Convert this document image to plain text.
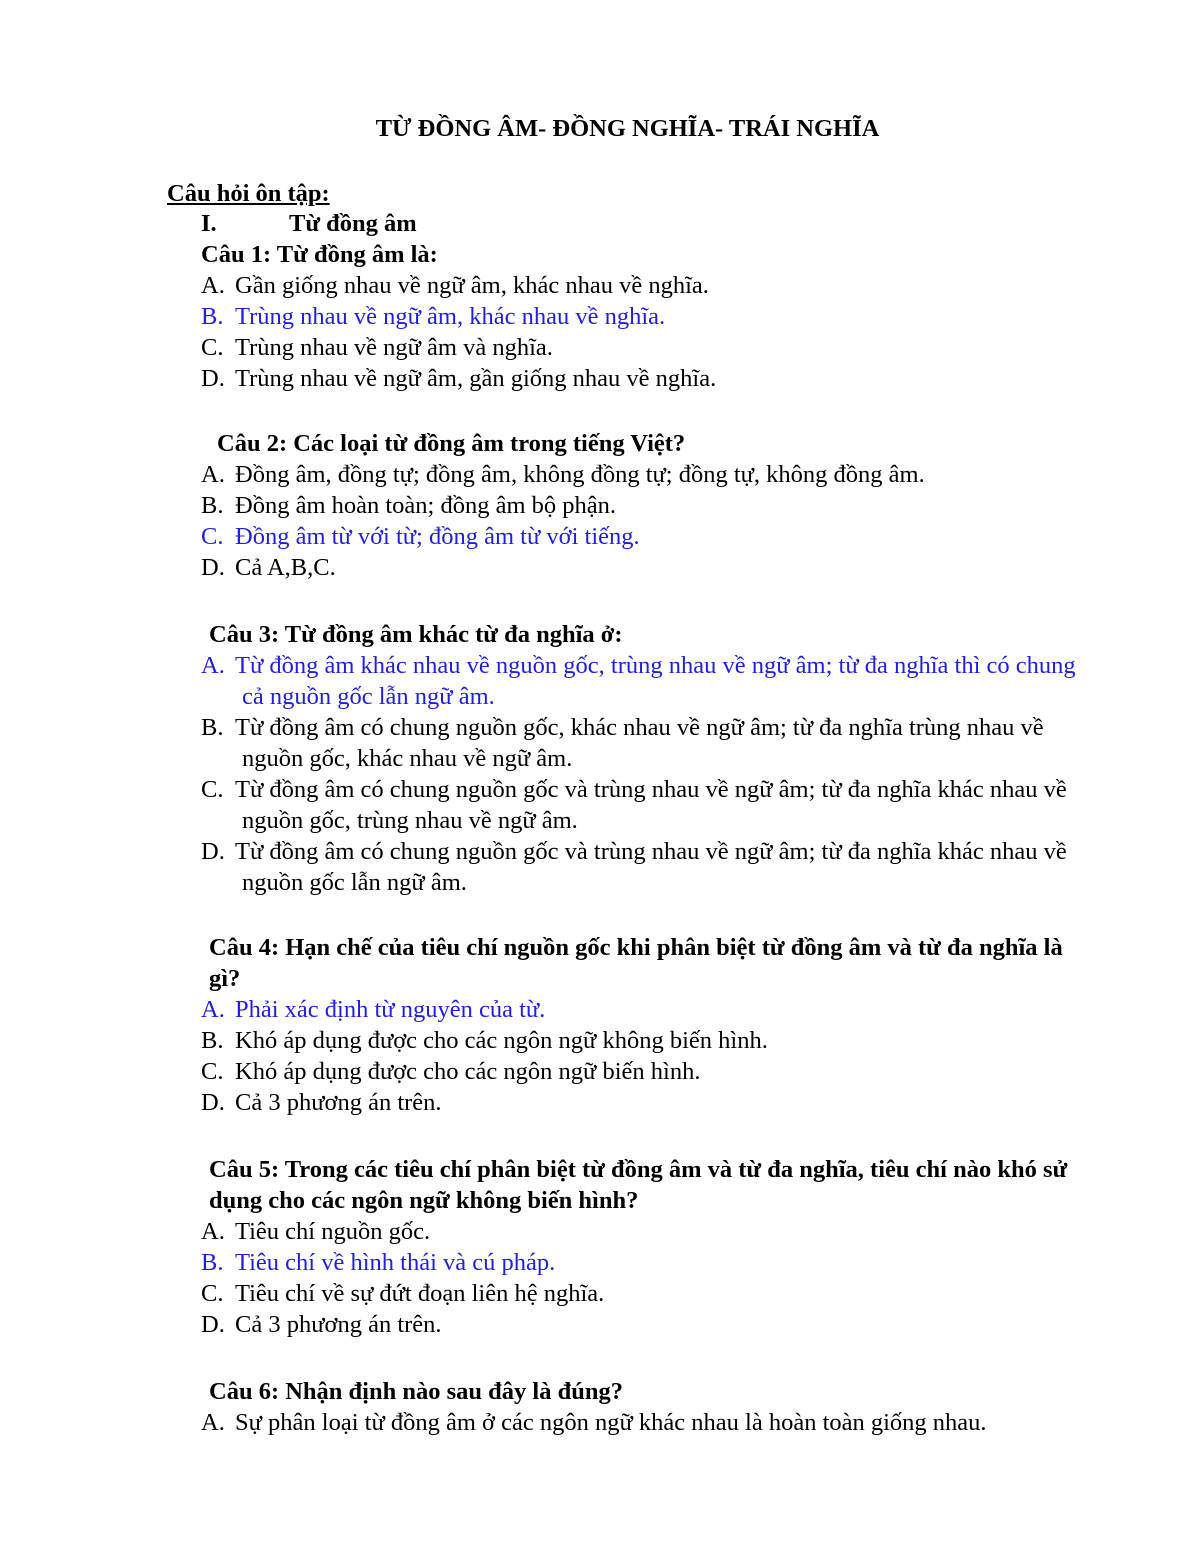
TỪ ĐỒNG ÂM- ĐỒNG NGHĨA- TRÁI NGHĨA
Câu hỏi ôn tập:
I.	Từ đồng âm
Câu 1: Từ đồng âm là:
A. Gần giống nhau về ngữ âm, khác nhau về nghĩa.
B. Trùng nhau về ngữ âm, khác nhau về nghĩa.
C. Trùng nhau về ngữ âm và nghĩa.
D. Trùng nhau về ngữ âm, gần giống nhau về nghĩa.
Câu 2: Các loại từ đồng âm trong tiếng Việt?
A. Đồng âm, đồng tự; đồng âm, không đồng tự; đồng tự, không đồng âm.
B. Đồng âm hoàn toàn; đồng âm bộ phận.
C. Đồng âm từ với từ; đồng âm từ với tiếng.
D. Cả A,B,C.
Câu 3: Từ đồng âm khác từ đa nghĩa ở:
A. Từ đồng âm khác nhau về nguồn gốc, trùng nhau về ngữ âm; từ đa nghĩa thì có chung cả nguồn gốc lẫn ngữ âm.
B. Từ đồng âm có chung nguồn gốc, khác nhau về ngữ âm; từ đa nghĩa trùng nhau về nguồn gốc, khác nhau về ngữ âm.
C. Từ đồng âm có chung nguồn gốc và trùng nhau về ngữ âm; từ đa nghĩa khác nhau về nguồn gốc, trùng nhau về ngữ âm.
D. Từ đồng âm có chung nguồn gốc và trùng nhau về ngữ âm; từ đa nghĩa khác nhau về nguồn gốc lẫn ngữ âm.
Câu 4: Hạn chế của tiêu chí nguồn gốc khi phân biệt từ đồng âm và từ đa nghĩa là gì?
A. Phải xác định từ nguyên của từ.
B. Khó áp dụng được cho các ngôn ngữ không biến hình.
C. Khó áp dụng được cho các ngôn ngữ biến hình.
D. Cả 3 phương án trên.
Câu 5: Trong các tiêu chí phân biệt từ đồng âm và từ đa nghĩa, tiêu chí nào khó sử dụng cho các ngôn ngữ không biến hình?
A. Tiêu chí nguồn gốc.
B. Tiêu chí về hình thái và cú pháp.
C. Tiêu chí về sự đứt đoạn liên hệ nghĩa.
D. Cả 3 phương án trên.
Câu 6: Nhận định nào sau đây là đúng?
A. Sự phân loại từ đồng âm ở các ngôn ngữ khác nhau là hoàn toàn giống nhau.
